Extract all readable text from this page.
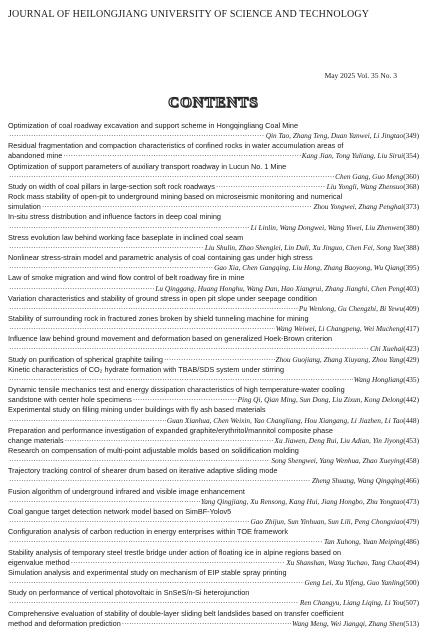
JOURNAL OF HEILONGJIANG UNIVERSITY OF SCIENCE AND TECHNOLOGY
May 2025 Vol. 35 No. 3
CONTENTS
Optimization of coal roadway excavation and support scheme in Hongqingliang Coal Mine
·····
Qin Tao, Zhang Teng, Duan Yanwei, Li Jingtao (349)
Residual fragmentation and compaction characteristics of confined rocks in water accumulation areas of
abandoned mine ·····	Kang Jian, Tong Yuliang, Liu Sirui (354)
Optimization of support parameters of auxiliary transport roadway in Lucun No. 1 Mine
·····
Chen Gang, Guo Meng (360)
Study on width of coal pillars in large-section soft rock roadways ·····	Liu Yongli, Wang Zhensuo (368)
Rock mass stability of open-pit to underground mining based on microseismic monitoring and numerical
simulation ·····	Zhou Yongwei, Zhang Penghai (373)
In-situ stress distribution and influence factors in deep coal mining
·····
Li Linlin, Wang Dongwei, Wang Yiwei, Liu Zhenwen (380)
Stress evolution law behind working face baseplate in inclined coal seam
·····
Liu Shulin, Zhao Shenglei, Lin Duli, Xu Jinguo, Chen Fei, Song Yue (388)
Nonlinear stress-strain model and parametric analysis of coal containing gas under high stress
·····
Gao Xia, Chen Gangqing, Liu Hong, Zhang Baoyong, Wu Qiang (395)
Law of smoke migration and wind flow control of belt roadway fire in mine
·····
Lu Qinggang, Huang Honghu, Wang Dan, Hao Xiangrui, Zhang Jianghi, Chen Peng (403)
Variation characteristics and stability of ground stress in open pit slope under seepage condition
·····
Pu Wenlong, Gu Chengzhi, Bi Yewu (409)
Stability of surrounding rock in fractured zones broken by shield tunneling machine for mining
·····
Wang Weiwei, Li Changpeng, Wei Mucheng (417)
Influence law behind ground movement and deformation based on generalized Hoek-Brown criterion
·····
Chi Xuehai (423)
Study on purification of spherical graphite tailing ·····	Zhou Guojiang, Zhang Xiuyang, Zhou Yang (429)
Kinetic characteristics of CO₂ hydrate formation with TBAB/SDS system under stirring
·····
Wang Hongliang (435)
Dynamic tensile mechanics test and energy dissipation characteristics of high temperature-water cooling
sandstone with center hole specimens ·····	Ping Qi, Qian Ming, Sun Dong, Liu Zixun, Kong Delong (442)
Experimental study on filling mining under buildings with fly ash based materials
·····
Guan Xianhua, Chen Weixin, Yao Changliang, Hou Xiangang, Li Jiazhen, Li Tao (448)
Preparation and performance investigation of expanded graphite/erythritol/mannitol composite phase
change materials ·····	Xu Jiawen, Deng Rui, Liu Adian, Yin Jiyong (453)
Research on compensation of multi-point adjustable molds based on solidification molding
·····
Song Shengwei, Yang Wenhua, Zhao Xueying (458)
Trajectory tracking control of shearer drum based on iterative adaptive sliding mode
·····
Zheng Shuang, Wang Qingqing (466)
Fusion algorithm of underground infrared and visible image enhancement
·····
Yang Qingjiang, Xu Rensong, Kang Hui, Jiang Hongbo, Zhu Yongtao (473)
Coal gangue target detection network model based on SimBF-Yolov5
·····
Gao Zhijun, Sun Yinhuan, Sun Lili, Peng Chongxiao (479)
Configuration analysis of carbon reduction in energy enterprises within TOE framework
·····
Tan Xuhong, Yuan Meiping (486)
Stability analysis of temporary steel trestle bridge under action of floating ice in alpine regions based on
eigenvalue method ·····	Xu Shanshan, Wang Yuchao, Tang Chao (494)
Simulation analysis and experimental study on mechanism of EIP stable spray printing
·····
Geng Lei, Xu Yifeng, Guo Yanling (500)
Study on performance of vertical photovoltaic in SnSeS/n-Si heterojunction
·····
Ren Changyu, Liang Liqing, Li You (507)
Comprehensive evaluation of stability of double-layer sliding belt landslides based on transfer coefficient
method and deformation prediction ·····	Wang Meng, Wei Jiangqi, Zhang Shen (513)
